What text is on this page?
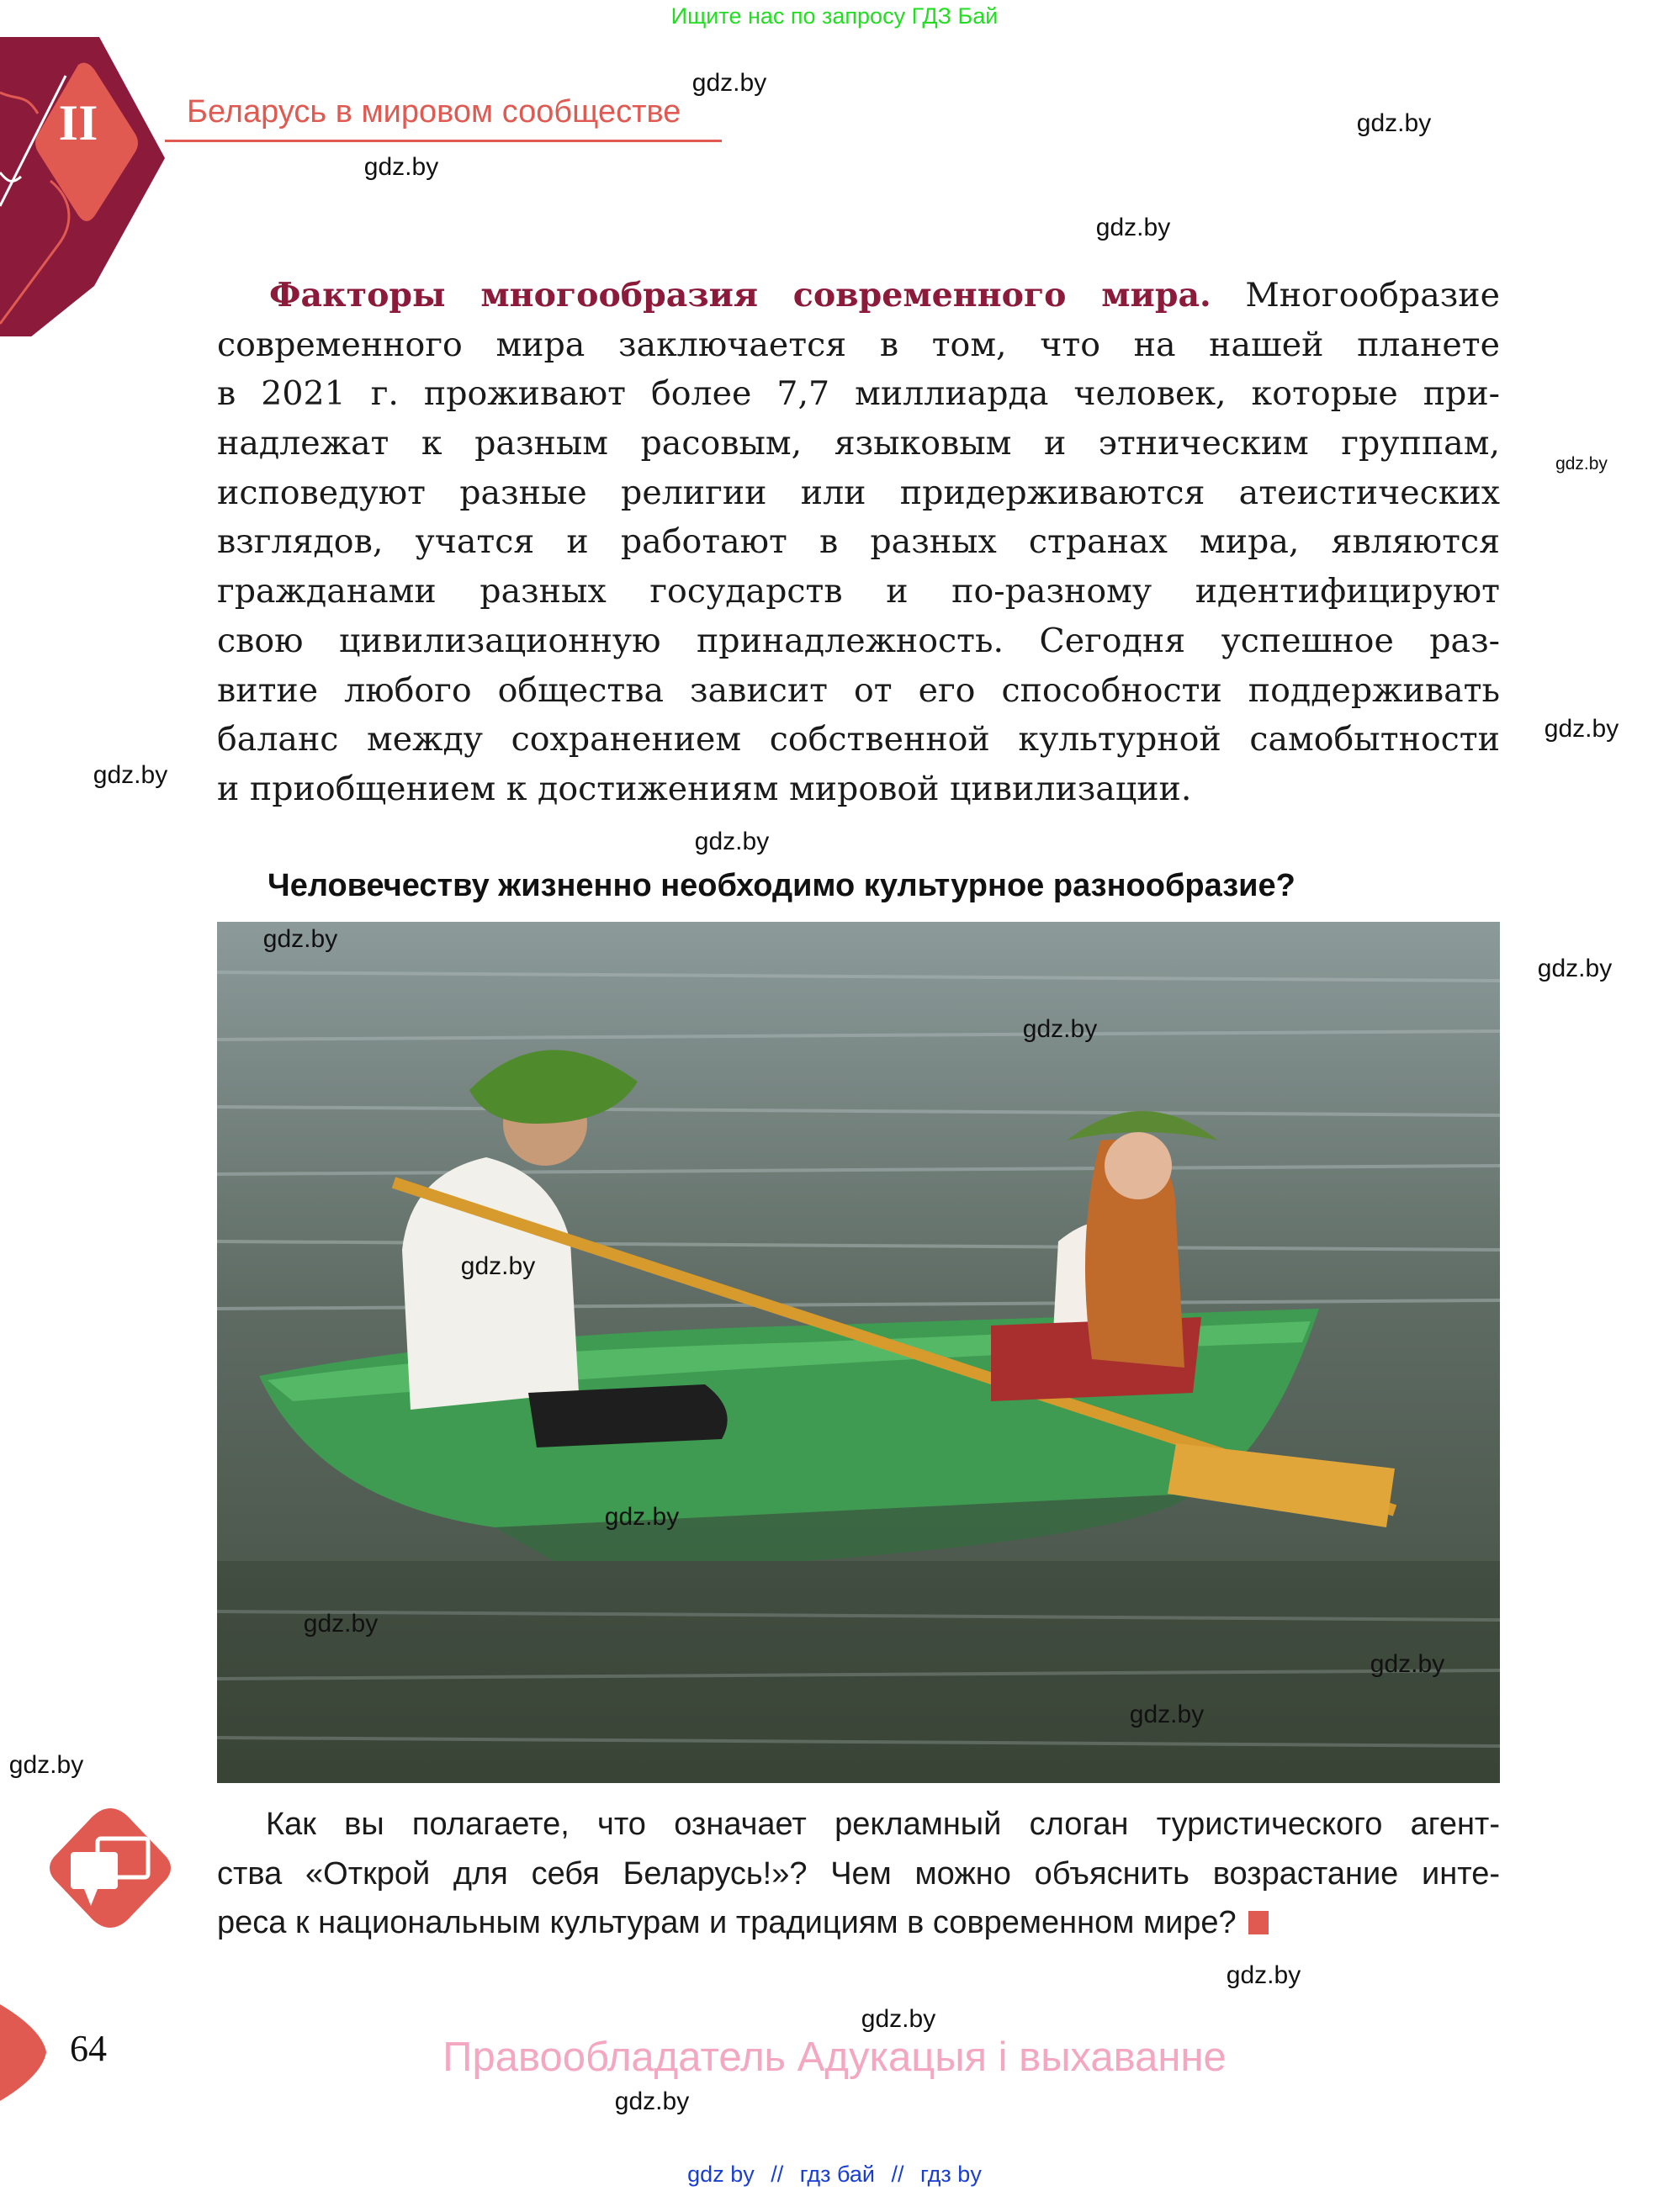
Ищите нас по запросу ГДЗ Бай
II	Беларусь в мировом сообществе
Факторы многообразия современного мира. Многообразие
современного мира заключается в том, что на нашей планете
в 2021 г. проживают более 7,7 миллиарда человек, которые при-
надлежат к разным расовым, языковым и этническим группам,
исповедуют разные религии или придерживаются атеистических
взглядов, учатся и работают в разных странах мира, являются
гражданами разных государств и по-разному идентифицируют
свою цивилизационную принадлежность. Сегодня успешное раз-
витие любого общества зависит от его способности поддерживать
баланс между сохранением собственной культурной самобытности
и приобщением к достижениям мировой цивилизации.
Человечеству жизненно необходимо культурное разнообразие?
Как вы полагаете, что означает рекламный слоган туристического агент-
ства «Открой для себя Беларусь!»? Чем можно объяснить возрастание инте-
реса к национальным культурам и традициям в современном мире?
64	Правообладатель Адукацыя і выхаванне
gdz by // гдз бай // гдз by
gdz.by
gdz.by
gdz.by
gdz.by
gdz.by
gdz.by
gdz.by
gdz.by
gdz.by
gdz.by
gdz.by
gdz.by
gdz.by
gdz.by
gdz.by
gdz.by
gdz.by
gdz.by
gdz.by
gdz.by
